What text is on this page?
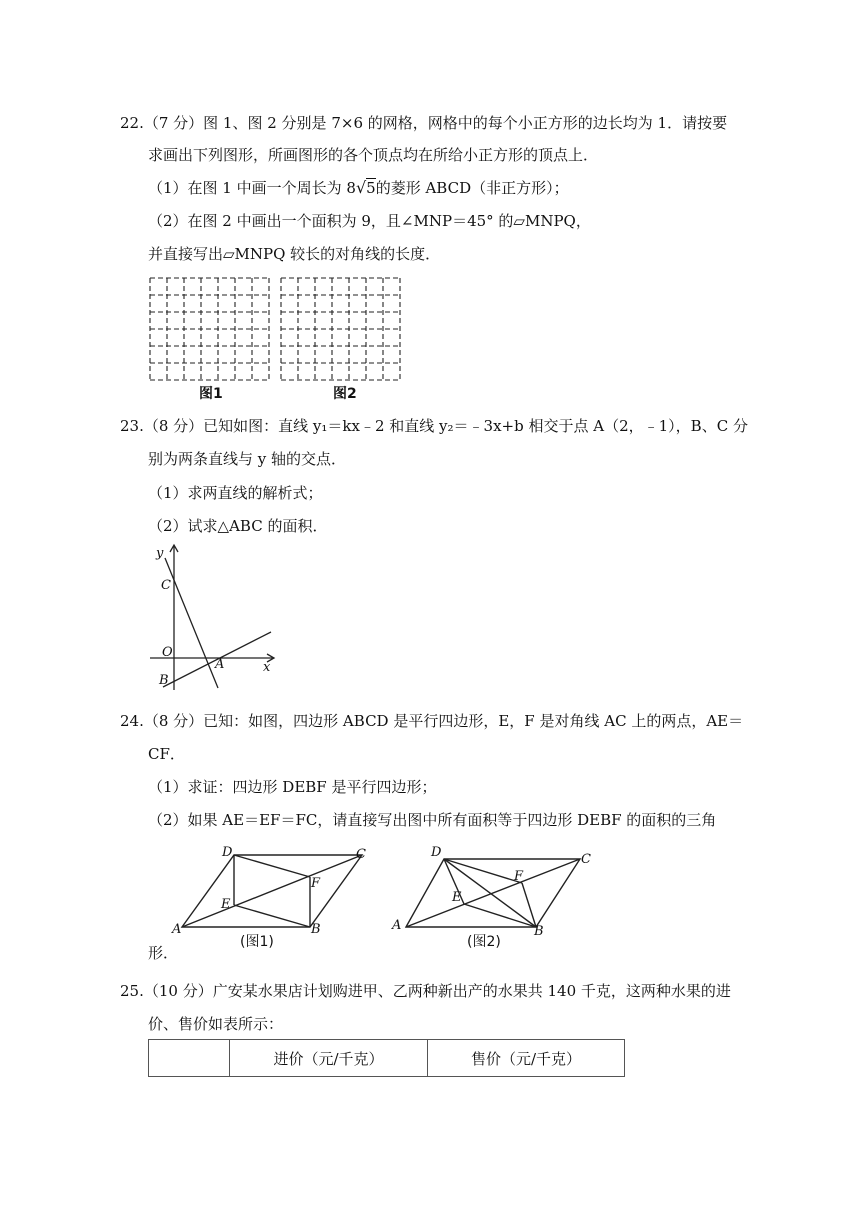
22.（7 分）图 1、图 2 分别是 7×6 的网格，网格中的每个小正方形的边长均为 1．请按要
求画出下列图形，所画图形的各个顶点均在所给小正方形的顶点上．
（1）在图 1 中画一个周长为 8√5的菱形 ABCD（非正方形）；
（2）在图 2 中画出一个面积为 9，且∠MNP＝45° 的▱MNPQ，
并直接写出▱MNPQ 较长的对角线的长度．
图1	图2
23.（8 分）已知如图：直线 y₁＝kx﹣2 和直线 y₂＝﹣3x+b 相交于点 A（2，﹣1），B、C 分
别为两条直线与 y 轴的交点．
（1）求两直线的解析式；
（2）试求△ABC 的面积．
y
x
C
O
B
A
24.（8 分）已知：如图，四边形 ABCD 是平行四边形，E，F 是对角线 AC 上的两点，AE＝
CF．
（1）求证：四边形 DEBF 是平行四边形；
（2）如果 AE＝EF＝FC，请直接写出图中所有面积等于四边形 DEBF 的面积的三角
A	B
C
D
E
F
A	B
C
D
E
F
(图1)	(图2)
形．
25.（10 分）广安某水果店计划购进甲、乙两种新出产的水果共 140 千克，这两种水果的进
价、售价如表所示：
	进价（元/千克）	售价（元/千克）
